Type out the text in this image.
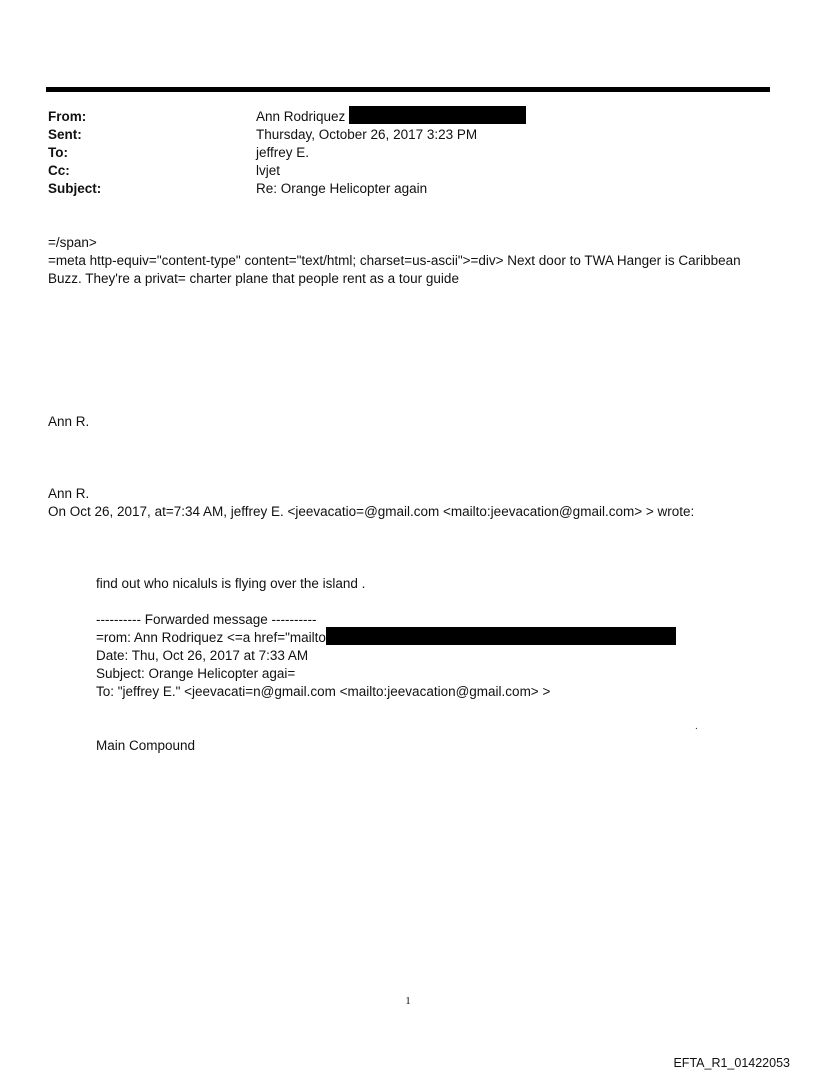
From:	Ann Rodriquez
Sent:	Thursday, October 26, 2017 3:23 PM
To:	jeffrey E.
Cc:	lvjet
Subject:	Re: Orange Helicopter again
=/span>
=meta http-equiv="content-type" content="text/html; charset=us-ascii">=div> Next door to TWA Hanger is Caribbean
Buzz. They're a privat= charter plane that people rent as a tour guide
Ann R.
Ann R.
On Oct 26, 2017, at=7:34 AM, jeffrey E. <jeevacatio=@gmail.com <mailto:jeevacation@gmail.com> > wrote:
find out who nicaluls is flying over the island .
---------- Forwarded message ----------
=rom: Ann Rodriquez <=a href="mailto
Date: Thu, Oct 26, 2017 at 7:33 AM
Subject: Orange Helicopter agai=
To: "jeffrey E." <jeevacati=n@gmail.com <mailto:jeevacation@gmail.com> >
.
Main Compound
1
EFTA_R1_01422053
